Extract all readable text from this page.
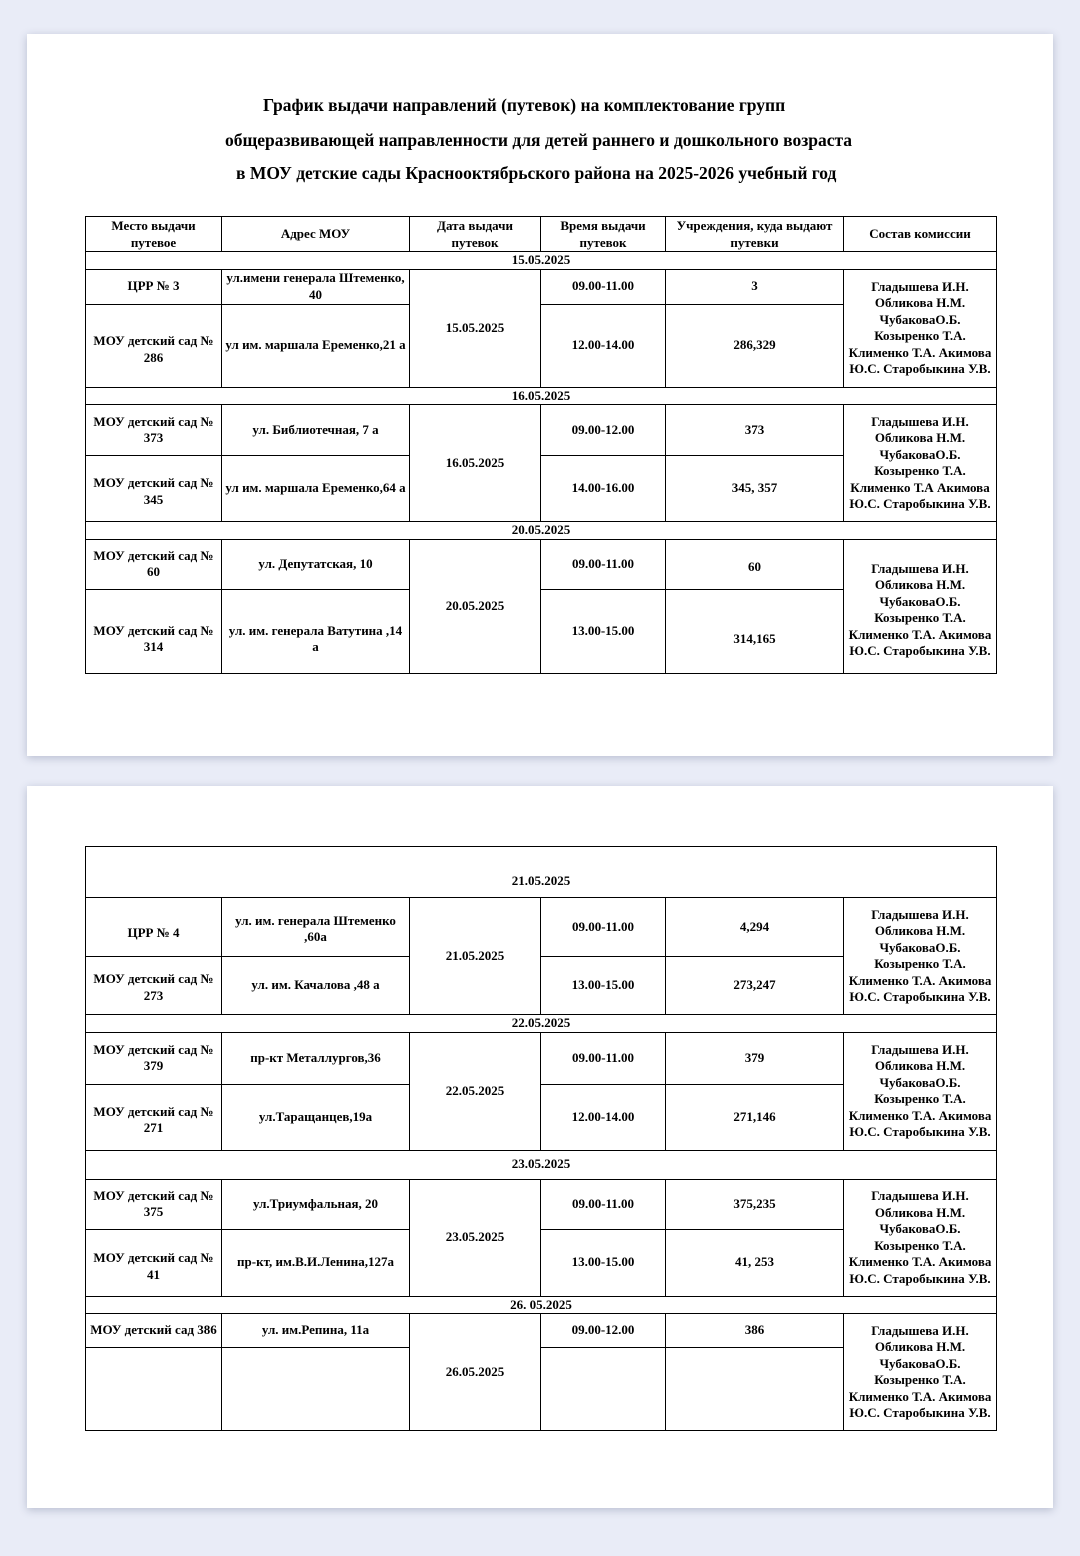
График выдачи направлений (путевок) на комплектование групп
общеразвивающей направленности для детей раннего и дошкольного возраста
в МОУ детские сады Краснооктябрьского района на 2025-2026 учебный год
Место выдачи путевое	Адрес МОУ	Дата выдачи путевок	Время выдачи путевок	Учреждения, куда выдают путевки	Состав комиссии
15.05.2025					
ЦРР № 3	ул.имени генерала Штеменко, 40	15.05.2025	09.00-11.00	3	Гладышева И.Н. Обликова Н.М. ЧубаковаО.Б. Козыренко Т.А. Клименко Т.А. Акимова Ю.С. Старобыкина У.В.
МОУ детский сад № 286	ул им. маршала Еременко,21 а		12.00-14.00	286,329	
16.05.2025					
МОУ детский сад № 373	ул. Библиотечная, 7 а	16.05.2025	09.00-12.00	373	Гладышева И.Н. Обликова Н.М. ЧубаковаО.Б. Козыренко Т.А. Клименко Т.А Акимова Ю.С. Старобыкина У.В.
МОУ детский сад № 345	ул им. маршала Еременко,64 а		14.00-16.00	345, 357	
20.05.2025					
МОУ детский сад № 60	ул. Депутатская, 10	20.05.2025	09.00-11.00	60	Гладышева И.Н. Обликова Н.М. ЧубаковаО.Б. Козыренко Т.А. Клименко Т.А. Акимова Ю.С. Старобыкина У.В.
МОУ детский сад № 314	ул. им. генерала Ватутина ,14 а		13.00-15.00	314,165	
21.05.2025					
ЦРР № 4	ул. им. генерала Штеменко ,60а	21.05.2025	09.00-11.00	4,294	Гладышева И.Н. Обликова Н.М. ЧубаковаО.Б. Козыренко Т.А. Клименко Т.А. Акимова Ю.С. Старобыкина У.В.
МОУ детский сад № 273	ул. им. Качалова ,48 а		13.00-15.00	273,247	
22.05.2025					
МОУ детский сад № 379	пр-кт Металлургов,36	22.05.2025	09.00-11.00	379	Гладышева И.Н. Обликова Н.М. ЧубаковаО.Б. Козыренко Т.А. Клименко Т.А. Акимова Ю.С. Старобыкина У.В.
МОУ детский сад № 271	ул.Таращанцев,19а		12.00-14.00	271,146	
23.05.2025					
МОУ детский сад № 375	ул.Триумфальная, 20	23.05.2025	09.00-11.00	375,235	Гладышева И.Н. Обликова Н.М. ЧубаковаО.Б. Козыренко Т.А. Клименко Т.А. Акимова Ю.С. Старобыкина У.В.
МОУ детский сад № 41	пр-кт, им.В.И.Ленина,127а		13.00-15.00	41, 253	
26. 05.2025					
МОУ детский сад 386	ул. им.Репина, 11а	26.05.2025	09.00-12.00	386	Гладышева И.Н. Обликова Н.М. ЧубаковаО.Б. Козыренко Т.А. Клименко Т.А. Акимова Ю.С. Старобыкина У.В.
